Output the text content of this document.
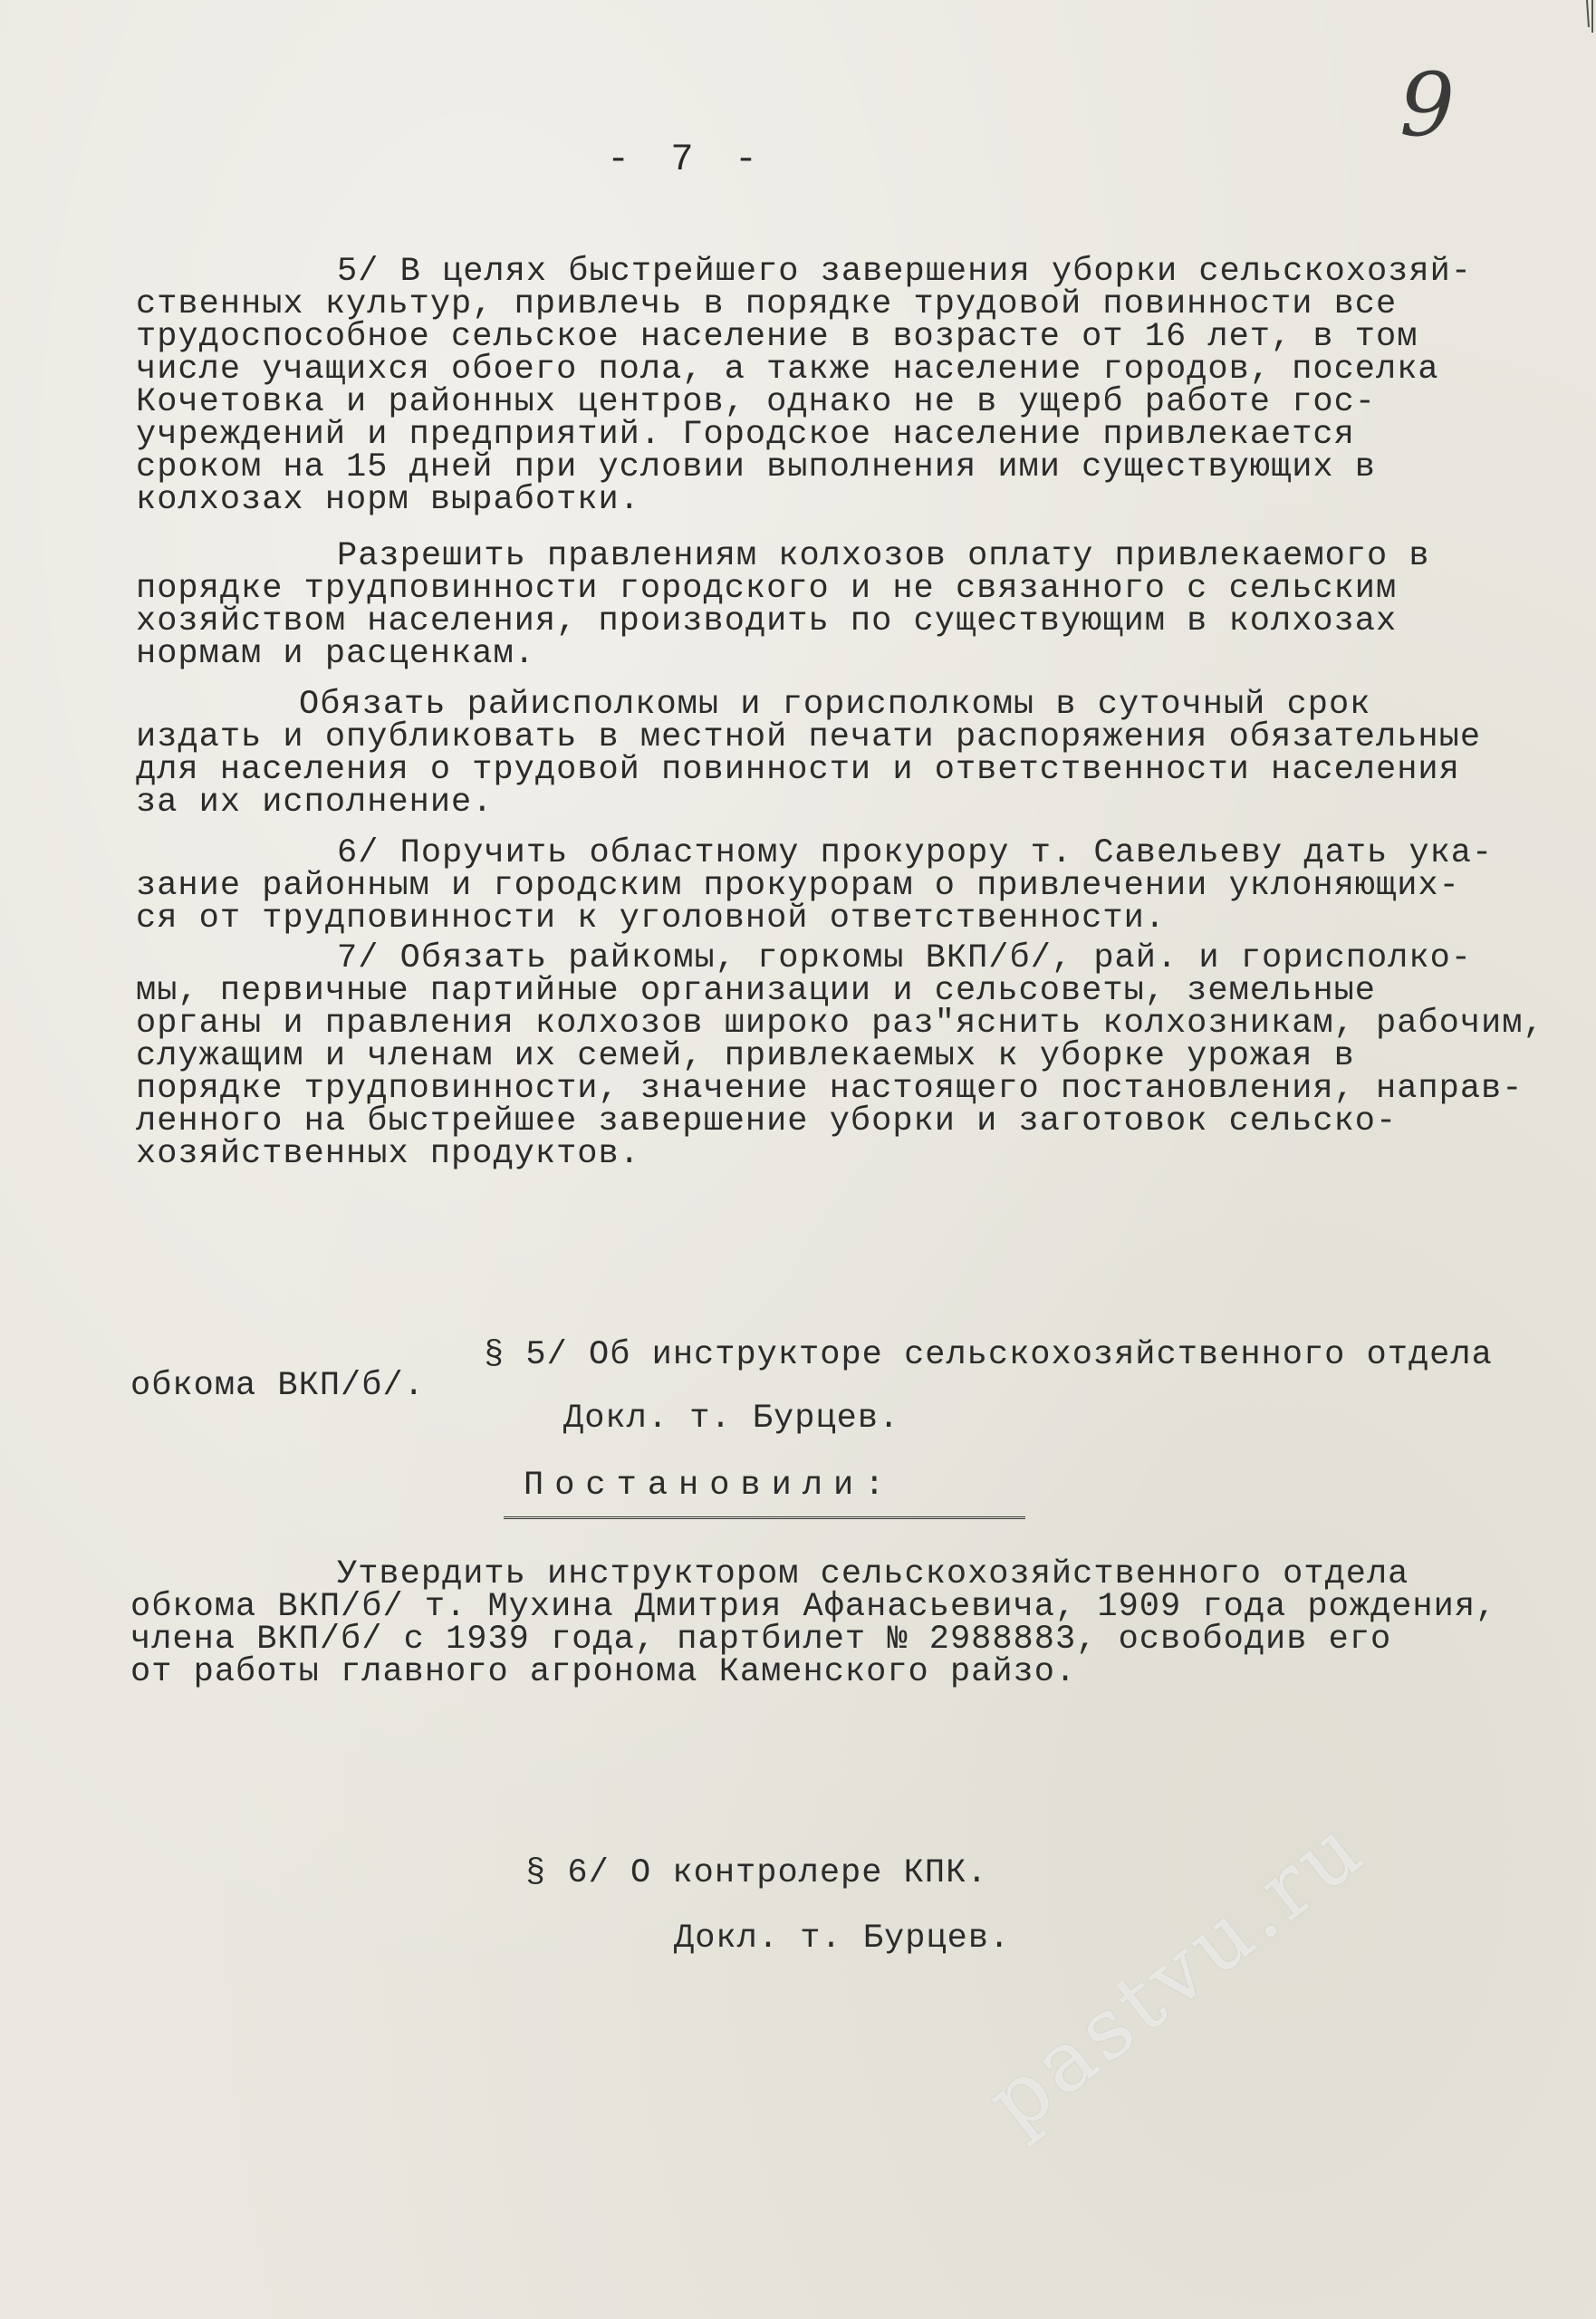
- 7 -
9
5/ В целях быстрейшего завершения уборки сельскохозяй-
ственных культур, привлечь в порядке трудовой повинности все
трудоспособное сельское население в возрасте от 16 лет, в том
числе учащихся обоего пола, а также население городов, поселка
Кочетовка и районных центров, однако не в ущерб работе гос-
учреждений и предприятий. Городское население привлекается
сроком на 15 дней при условии выполнения ими существующих в
колхозах норм выработки.
Разрешить правлениям колхозов оплату привлекаемого в
порядке трудповинности городского и не связанного с сельским
хозяйством населения, производить по существующим в колхозах
нормам и расценкам.
Обязать райисполкомы и горисполкомы в суточный срок
издать и опубликовать в местной печати распоряжения обязательные
для населения о трудовой повинности и ответственности населения
за их исполнение.
6/ Поручить областному прокурору т. Савельеву дать ука-
зание районным и городским прокурорам о привлечении уклоняющих-
ся от трудповинности к уголовной ответственности.
7/ Обязать райкомы, горкомы ВКП/б/, рай. и горисполко-
мы, первичные партийные организации и сельсоветы, земельные
органы и правления колхозов широко раз"яснить колхозникам, рабочим,
служащим и членам их семей, привлекаемых к уборке урожая в
порядке трудповинности, значение настоящего постановления, направ-
ленного на быстрейшее завершение уборки и заготовок сельско-
хозяйственных продуктов.
§ 5/ Об инструкторе сельскохозяйственного отдела
обкома ВКП/б/.
Докл. т. Бурцев.
Постановили:
Утвердить инструктором сельскохозяйственного отдела
обкома ВКП/б/ т. Мухина Дмитрия Афанасьевича, 1909 года рождения,
члена ВКП/б/ с 1939 года, партбилет № 2988883, освободив его
от работы главного агронома Каменского райзо.
§ 6/ О контролере КПК.
Докл. т. Бурцев.
pastvu.ru
